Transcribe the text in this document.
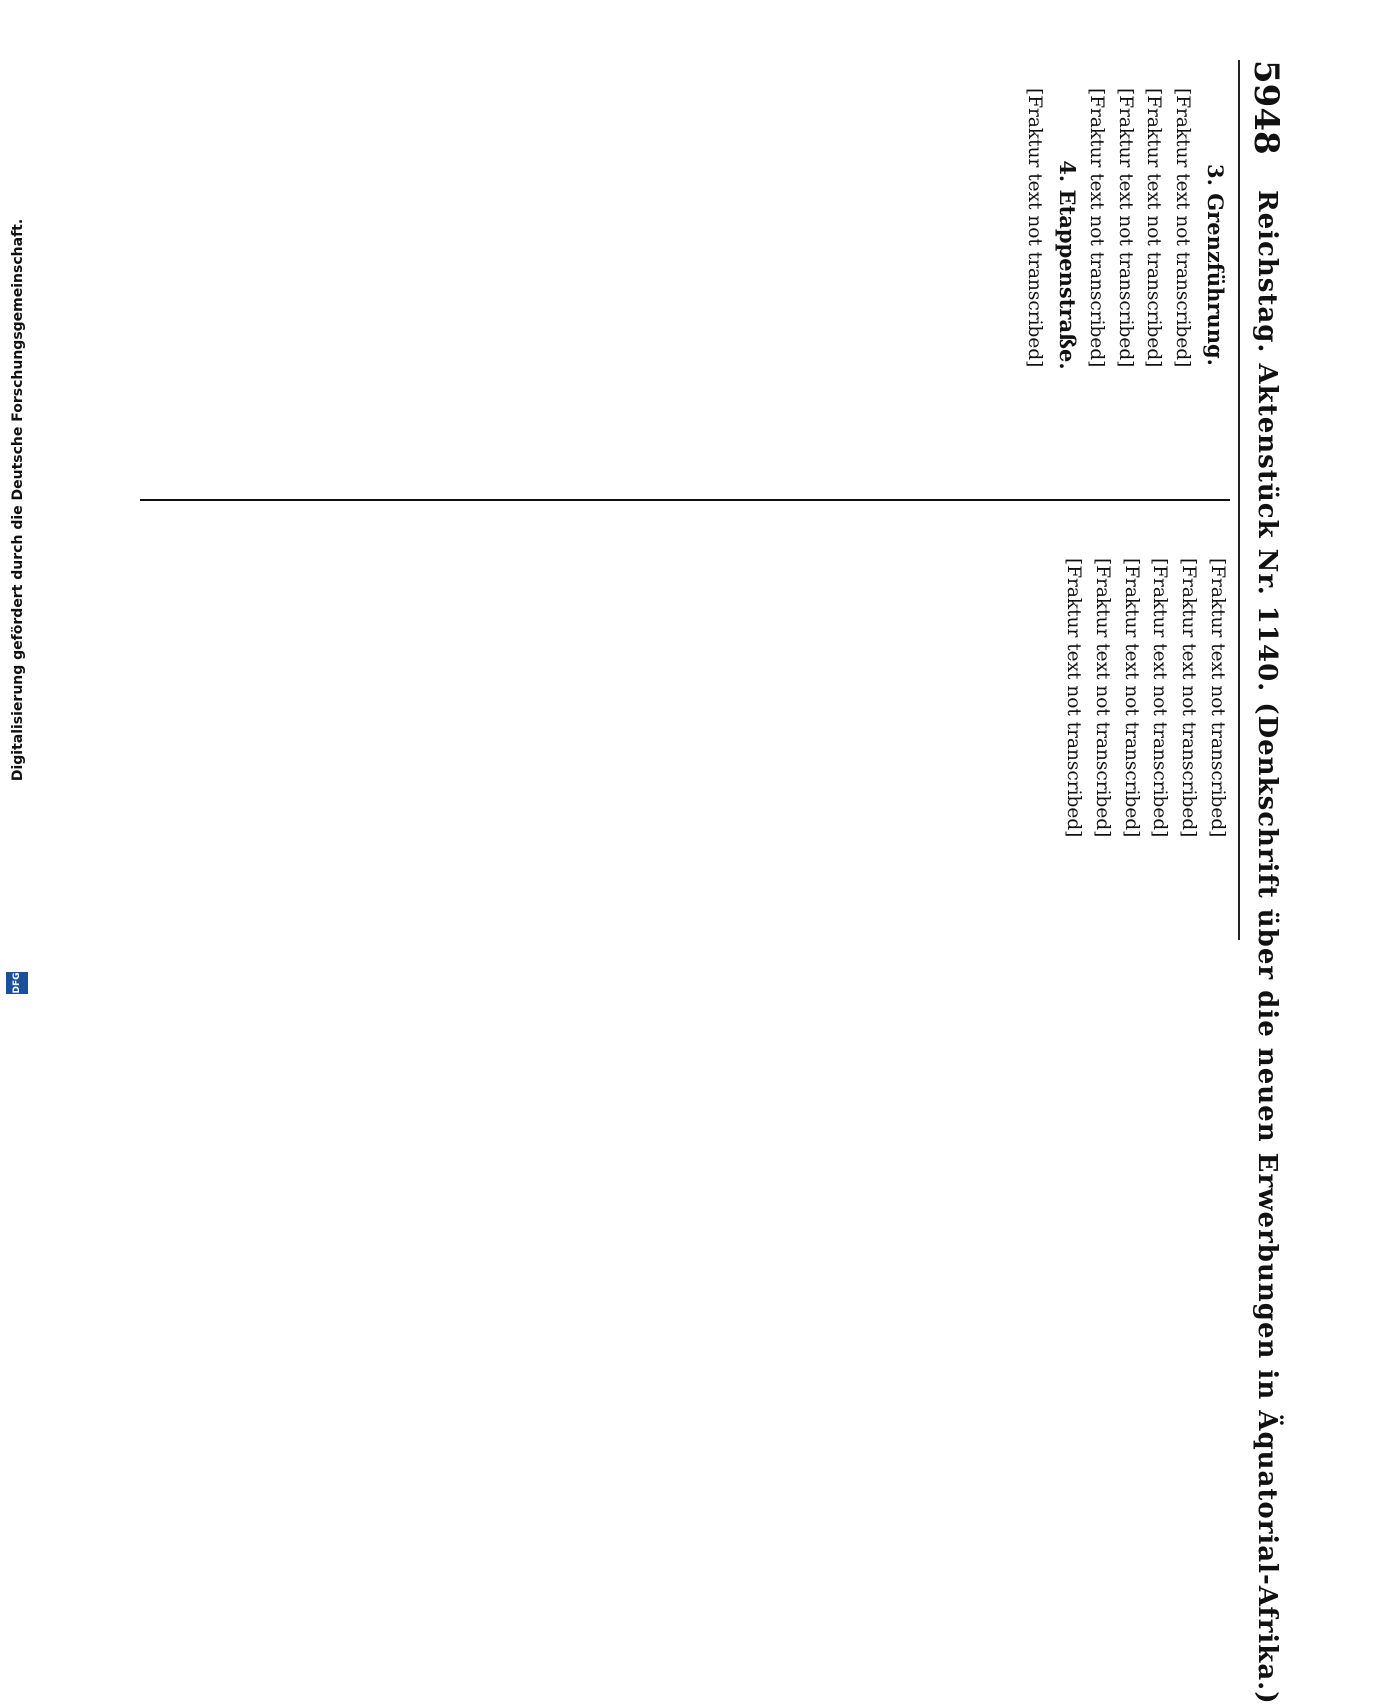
Digitalisierung gefördert durch die Deutsche Forschungsgemeinschaft.
DFG
5948
Reichstag. Aktenstück Nr. 1140. (Denkschrift über die neuen Erwerbungen in Äquatorial-Afrika.)
3. Grenzführung.

[Fraktur text not transcribed]

[Fraktur text not transcribed]

[Fraktur text not transcribed]

[Fraktur text not transcribed]

4. Etappenstraße.

[Fraktur text not transcribed]

[Fraktur text not transcribed]

[Fraktur text not transcribed]

[Fraktur text not transcribed]

[Fraktur text not transcribed]

[Fraktur text not transcribed]

[Fraktur text not transcribed]
